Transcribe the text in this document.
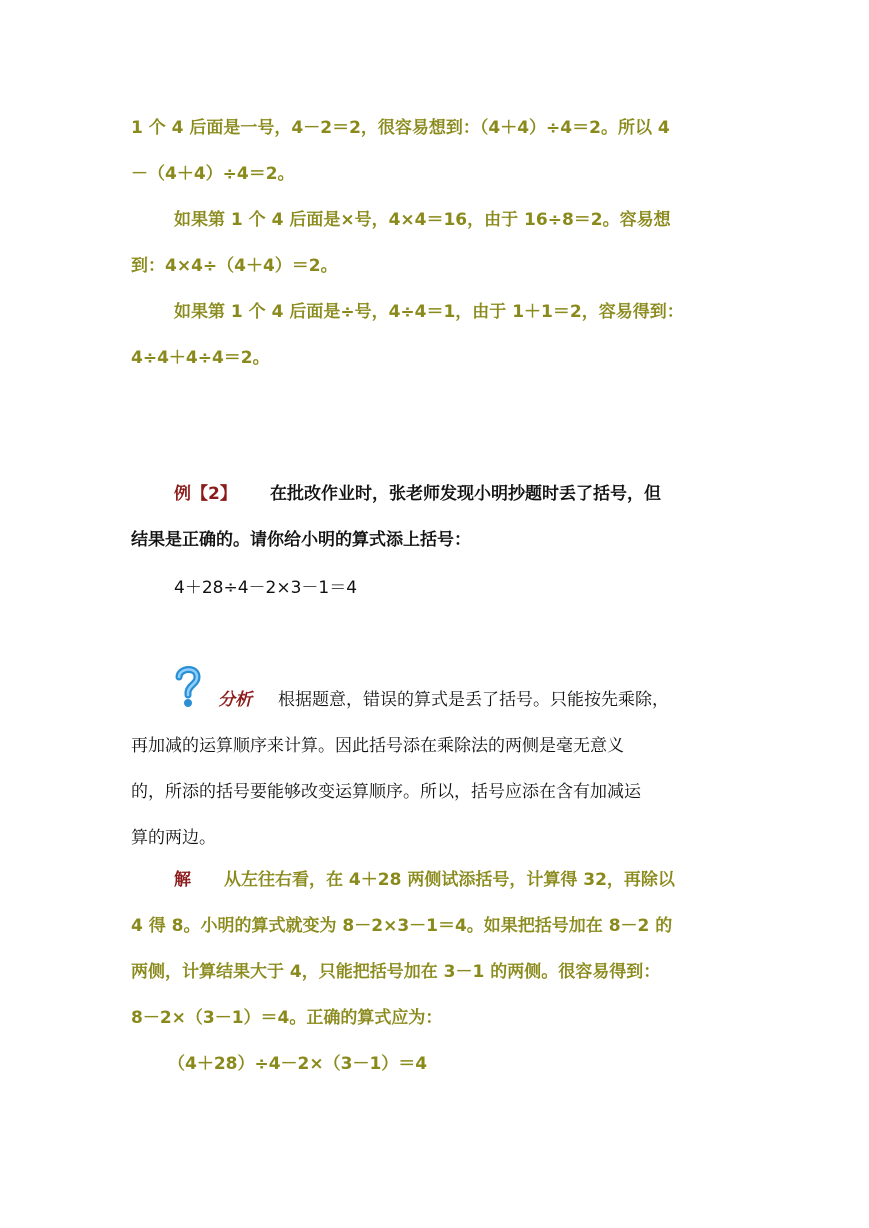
1 个 4 后面是一号，4－2＝2，很容易想到：（4＋4）÷4＝2。所以 4
－（4＋4）÷4＝2。
如果第 1 个 4 后面是×号，4×4＝16，由于 16÷8＝2。容易想
到：4×4÷（4＋4）＝2。
如果第 1 个 4 后面是÷号，4÷4＝1，由于 1＋1＝2，容易得到：
4÷4＋4÷4＝2。
例【2】 在批改作业时，张老师发现小明抄题时丢了括号，但
结果是正确的。请你给小明的算式添上括号：
4＋28÷4－2×3－1＝4
分析 根据题意，错误的算式是丢了括号。只能按先乘除，
再加减的运算顺序来计算。因此括号添在乘除法的两侧是毫无意义
的，所添的括号要能够改变运算顺序。所以，括号应添在含有加减运
算的两边。
解 从左往右看，在 4＋28 两侧试添括号，计算得 32，再除以
4 得 8。小明的算式就变为 8－2×3－1＝4。如果把括号加在 8－2 的
两侧，计算结果大于 4，只能把括号加在 3－1 的两侧。很容易得到：
8－2×（3－1）＝4。正确的算式应为：
（4＋28）÷4－2×（3－1）＝4
